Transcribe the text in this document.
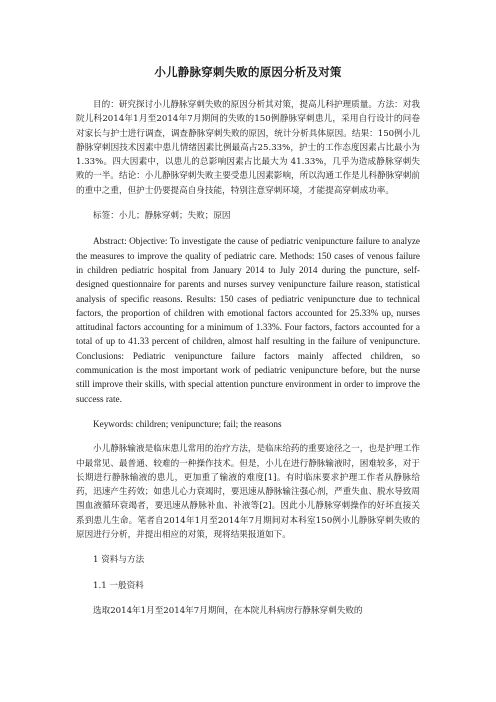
小儿静脉穿刺失败的原因分析及对策

目的：研究探讨小儿静脉穿刺失败的原因分析其对策，提高儿科护理质量。方法：对我院儿科2014年1月至2014年7月期间的失败的150例静脉穿刺患儿，采用自行设计的问卷对家长与护士进行调查，调查静脉穿刺失败的原因，统计分析具体原因。结果：150例小儿静脉穿刺因技术因素中患儿情绪因素比例最高占25.33%，护士的工作态度因素占比最小为1.33%。四大因素中，以患儿的总影响因素占比最大为 41.33%，几乎为造成静脉穿刺失败的一半。结论：小儿静脉穿刺失败主要受患儿因素影响，所以沟通工作是儿科静脉穿刺前的重中之重，但护士仍要提高自身技能，特别注意穿刺环境，才能提高穿刺成功率。

标签：小儿；静脉穿刺；失败；原因

Abstract: Objective: To investigate the cause of pediatric venipuncture failure to analyze the measures to improve the quality of pediatric care. Methods: 150 cases of venous failure in children pediatric hospital from January 2014 to July 2014 during the puncture, self-designed questionnaire for parents and nurses survey venipuncture failure reason, statistical analysis of specific reasons. Results: 150 cases of pediatric venipuncture due to technical factors, the proportion of children with emotional factors accounted for 25.33% up, nurses attitudinal factors accounting for a minimum of 1.33%. Four factors, factors accounted for a total of up to 41.33 percent of children, almost half resulting in the failure of venipuncture. Conclusions: Pediatric venipuncture failure factors mainly affected children, so communication is the most important work of pediatric venipuncture before, but the nurse still improve their skills, with special attention puncture environment in order to improve the success rate.

Keywords: children; venipuncture; fail; the reasons

小儿静脉输液是临床患儿常用的治疗方法，是临床给药的重要途径之一，也是护理工作中最常见、最普通、较难的一种操作技术。但是，小儿在进行静脉输液时，困难较多，对于长期进行静脉输液的患儿，更加重了输液的难度[1]。有时临床要求护理工作者从静脉给药，迅速产生药效；如患儿心力衰竭时，要迅速从静脉输注强心剂，严重失血、脱水导致周围血液循环衰竭者，要迅速从静脉补血、补液等[2]。因此小儿静脉穿刺操作的好坏直接关系到患儿生命。笔者自2014年1月至2014年7月期间对本科室150例小儿静脉穿刺失败的原因进行分析，并提出相应的对策，现将结果报道如下。

1 资料与方法

1.1 一般资料

选取2014年1月至2014年7月期间，在本院儿科病房行静脉穿刺失败的
